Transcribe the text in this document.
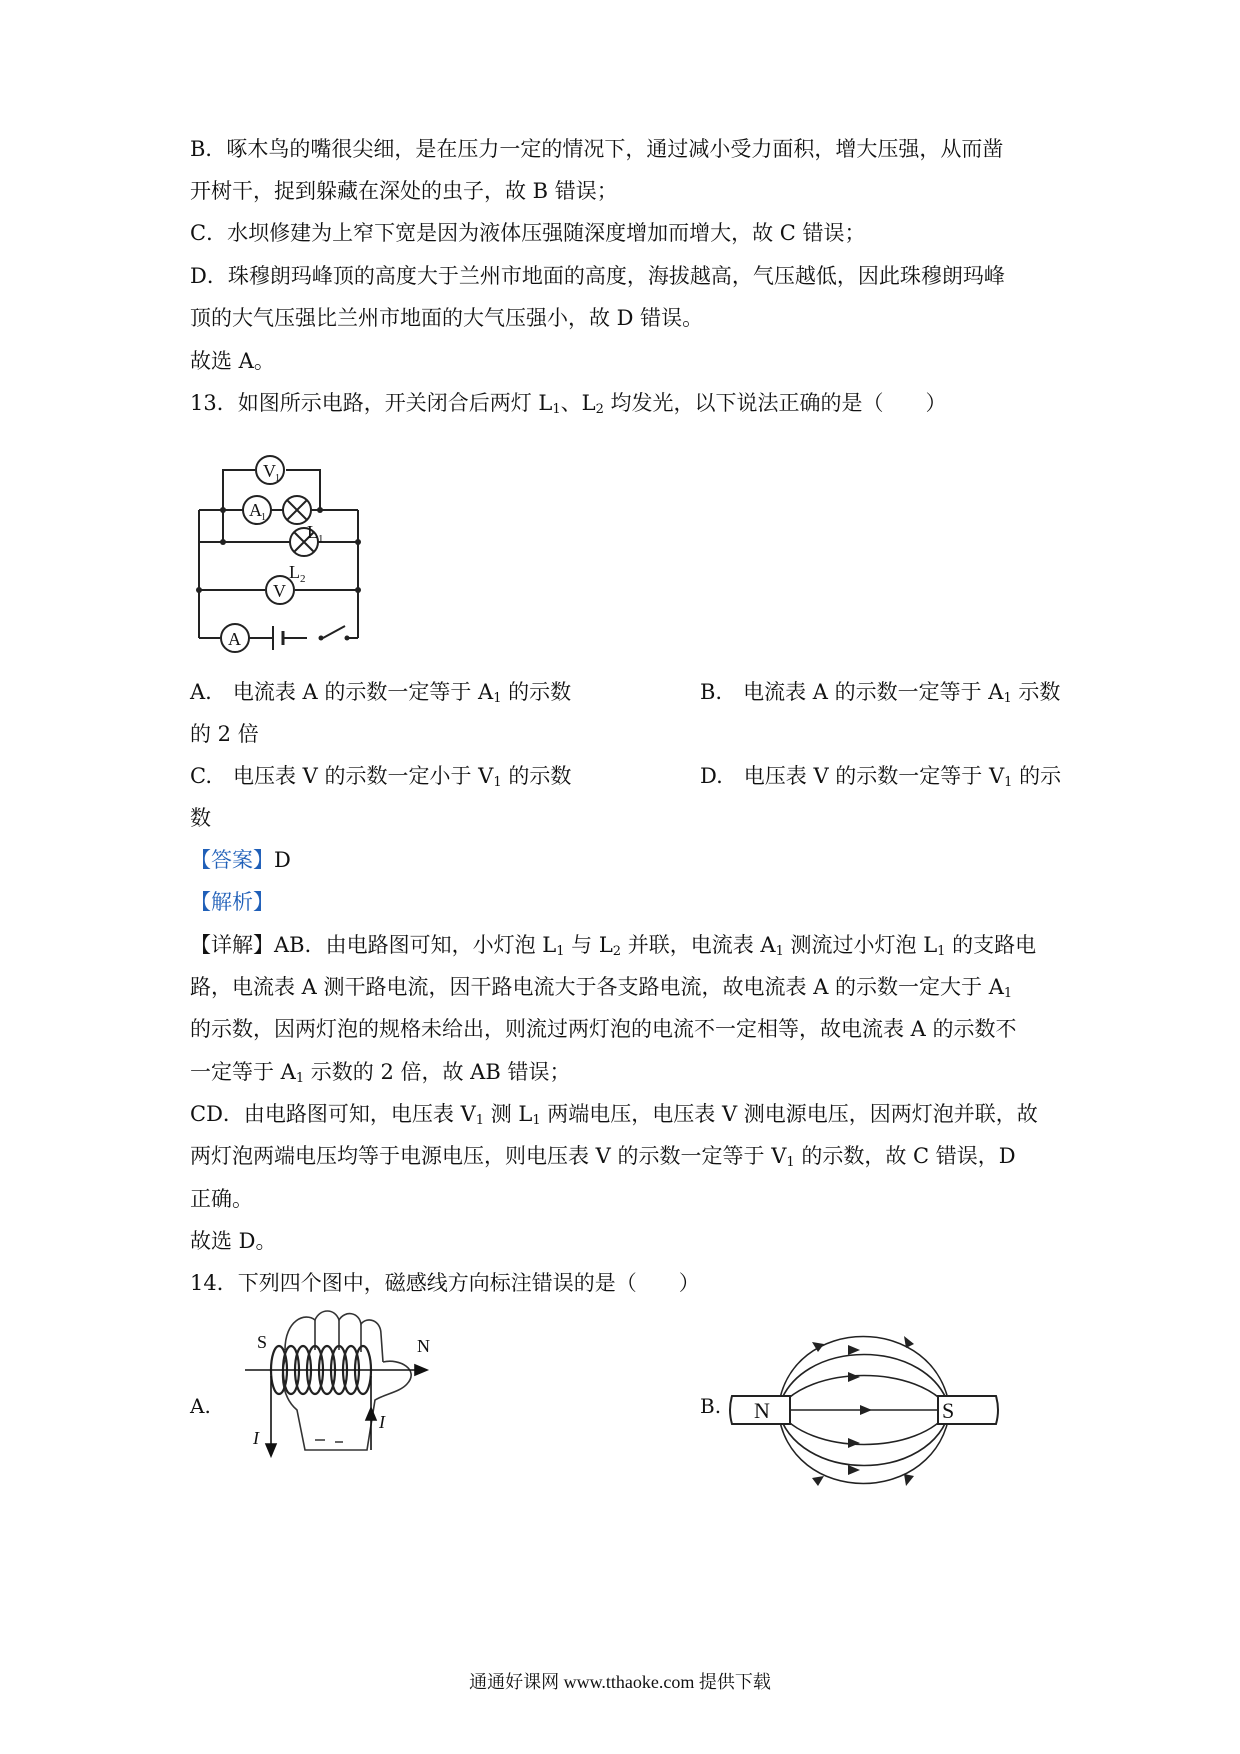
B．啄木鸟的嘴很尖细，是在压力一定的情况下，通过减小受力面积，增大压强，从而凿
开树干，捉到躲藏在深处的虫子，故 B 错误；
C．水坝修建为上窄下宽是因为液体压强随深度增加而增大，故 C 错误；
D．珠穆朗玛峰顶的高度大于兰州市地面的高度，海拔越高，气压越低，因此珠穆朗玛峰
顶的大气压强比兰州市地面的大气压强小，故 D 错误。
故选 A。
13．如图所示电路，开关闭合后两灯 $L_1$、$L_2$ 均发光，以下说法正确的是（　　）
V 1
A 1
L 1
L 2
V
A
A.　电流表 A 的示数一定等于 $A_1$ 的示数	B.　电流表 A 的示数一定等于 $A_1$ 示数
的 2 倍
C.　电压表 V 的示数一定小于 $V_1$ 的示数	D.　电压表 V 的示数一定等于 $V_1$ 的示
数
【答案】D
【解析】
【详解】AB．由电路图可知，小灯泡 $L_1$ 与 $L_2$ 并联，电流表 $A_1$ 测流过小灯泡 $L_1$ 的支路电
路，电流表 A 测干路电流，因干路电流大于各支路电流，故电流表 A 的示数一定大于 $A_1$
的示数，因两灯泡的规格未给出，则流过两灯泡的电流不一定相等，故电流表 A 的示数不
一定等于 $A_1$ 示数的 2 倍，故 AB 错误；
CD．由电路图可知，电压表 $V_1$ 测 $L_1$ 两端电压，电压表 V 测电源电压，因两灯泡并联，故
两灯泡两端电压均等于电源电压，则电压表 V 的示数一定等于 $V_1$ 的示数，故 C 错误，D
正确。
故选 D。
14．下列四个图中，磁感线方向标注错误的是（　　）
A.	B.
S	N
I
I	N	S
通通好课网 www.tthaoke.com 提供下载
